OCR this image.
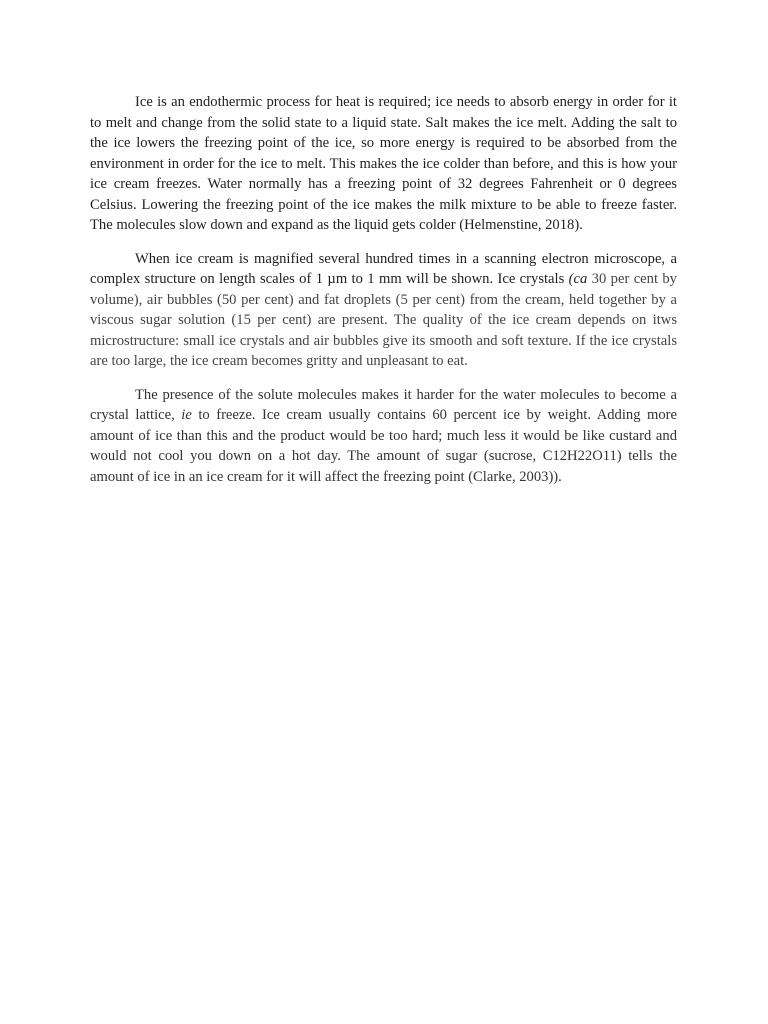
Ice is an endothermic process for heat is required; ice needs to absorb energy in order for it to melt and change from the solid state to a liquid state. Salt makes the ice melt. Adding the salt to the ice lowers the freezing point of the ice, so more energy is required to be absorbed from the environment in order for the ice to melt. This makes the ice colder than before, and this is how your ice cream freezes. Water normally has a freezing point of 32 degrees Fahrenheit or 0 degrees Celsius. Lowering the freezing point of the ice makes the milk mixture to be able to freeze faster. The molecules slow down and expand as the liquid gets colder (Helmenstine, 2018).

When ice cream is magnified several hundred times in a scanning electron microscope, a complex structure on length scales of 1 µm to 1 mm will be shown. Ice crystals (ca 30 per cent by volume), air bubbles (50 per cent) and fat droplets (5 per cent) from the cream, held together by a viscous sugar solution (15 per cent) are present. The quality of the ice cream depends on itws microstructure: small ice crystals and air bubbles give its smooth and soft texture. If the ice crystals are too large, the ice cream becomes gritty and unpleasant to eat.

The presence of the solute molecules makes it harder for the water molecules to become a crystal lattice, ie to freeze. Ice cream usually contains 60 percent ice by weight. Adding more amount of ice than this and the product would be too hard; much less it would be like custard and would not cool you down on a hot day. The amount of sugar (sucrose, C12H22O11) tells the amount of ice in an ice cream for it will affect the freezing point (Clarke, 2003)).
